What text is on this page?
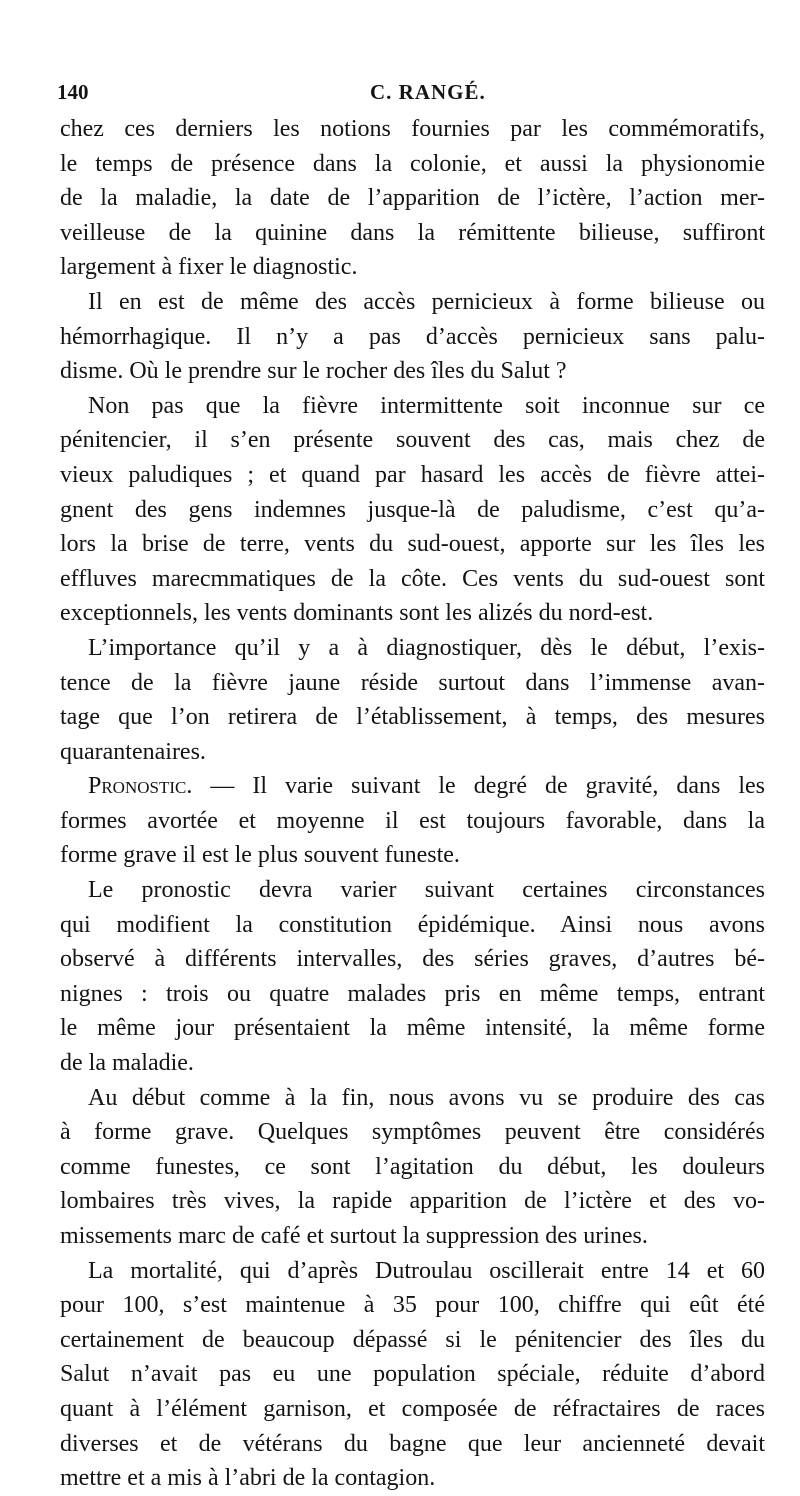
140	C. RANGÉ.
chez ces derniers les notions fournies par les commémoratifs,
le temps de présence dans la colonie, et aussi la physionomie
de la maladie, la date de l’apparition de l’ictère, l’action mer-
veilleuse de la quinine dans la rémittente bilieuse, suffiront
largement à fixer le diagnostic.
Il en est de même des accès pernicieux à forme bilieuse ou
hémorrhagique. Il n’y a pas d’accès pernicieux sans palu-
disme. Où le prendre sur le rocher des îles du Salut ?
Non pas que la fièvre intermittente soit inconnue sur ce
pénitencier, il s’en présente souvent des cas, mais chez de
vieux paludiques ; et quand par hasard les accès de fièvre attei-
gnent des gens indemnes jusque-là de paludisme, c’est qu’a-
lors la brise de terre, vents du sud-ouest, apporte sur les îles les
effluves marecmmatiques de la côte. Ces vents du sud-ouest sont
exceptionnels, les vents dominants sont les alizés du nord-est.
L’importance qu’il y a à diagnostiquer, dès le début, l’exis-
tence de la fièvre jaune réside surtout dans l’immense avan-
tage que l’on retirera de l’établissement, à temps, des mesures
quarantenaires.
Pronostic. — Il varie suivant le degré de gravité, dans les
formes avortée et moyenne il est toujours favorable, dans la
forme grave il est le plus souvent funeste.
Le pronostic devra varier suivant certaines circonstances
qui modifient la constitution épidémique. Ainsi nous avons
observé à différents intervalles, des séries graves, d’autres bé-
nignes : trois ou quatre malades pris en même temps, entrant
le même jour présentaient la même intensité, la même forme
de la maladie.
Au début comme à la fin, nous avons vu se produire des cas
à forme grave. Quelques symptômes peuvent être considérés
comme funestes, ce sont l’agitation du début, les douleurs
lombaires très vives, la rapide apparition de l’ictère et des vo-
missements marc de café et surtout la suppression des urines.
La mortalité, qui d’après Dutroulau oscillerait entre 14 et 60
pour 100, s’est maintenue à 35 pour 100, chiffre qui eût été
certainement de beaucoup dépassé si le pénitencier des îles du
Salut n’avait pas eu une population spéciale, réduite d’abord
quant à l’élément garnison, et composée de réfractaires de races
diverses et de vétérans du bagne que leur ancienneté devait
mettre et a mis à l’abri de la contagion.
